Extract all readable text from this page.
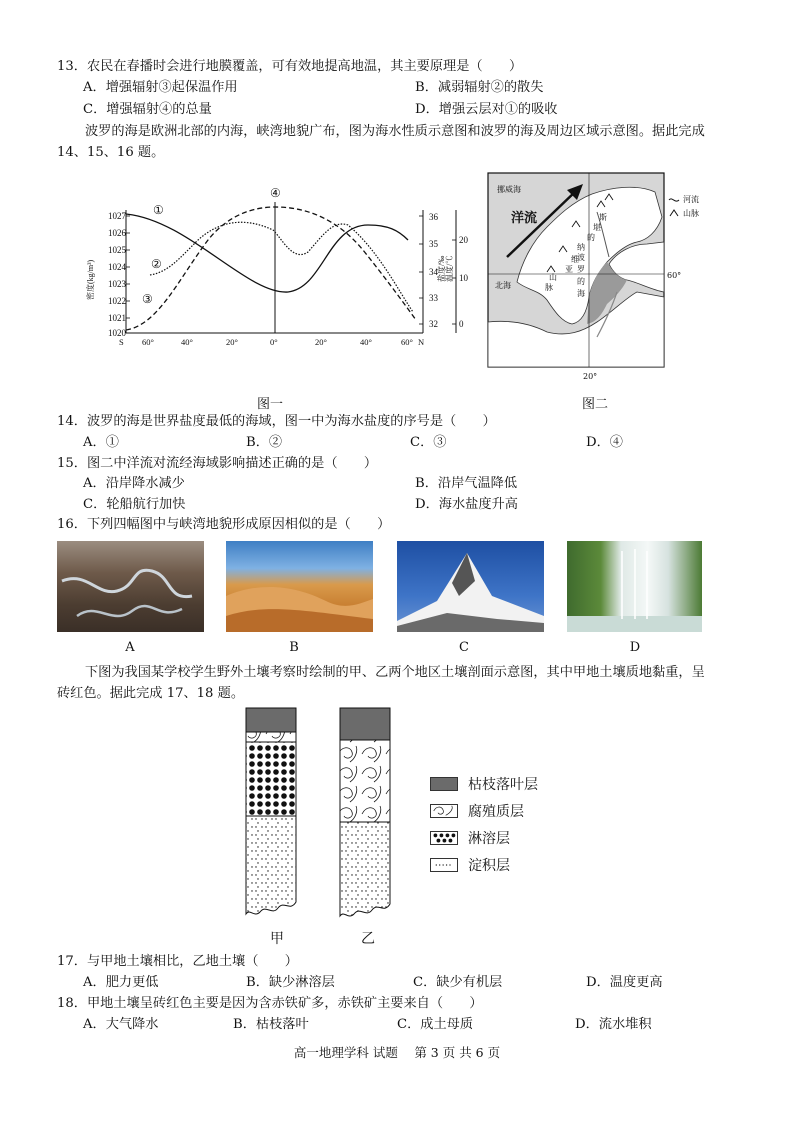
13．农民在春播时会进行地膜覆盖，可有效地提高地温，其主要原理是（　　）
A．增强辐射③起保温作用	B．减弱辐射②的散失
C．增强辐射④的总量	D．增强云层对①的吸收
波罗的海是欧洲北部的内海，峡湾地貌广布，图为海水性质示意图和波罗的海及周边区域示意图。据此完成
14、15、16 题。
密度(kg/m³)
1027
1026
1025
1024
1023
1022
1021
1020
①
②
③
④
36
35
34
33
32
20
10
0
盐度/‰ 温度/℃
S 60°	40°	20°	0°	20°	40°	60° N
图一
挪威海
洋流
北海
波
罗
的
海
斯
堪
的
纳
维
亚
山
脉
60°
20°
河流
山脉
图二
14．波罗的海是世界盐度最低的海域，图一中为海水盐度的序号是（　　）
A．①	B．②	C．③	D．④
15．图二中洋流对流经海域影响描述正确的是（　　）
A．沿岸降水减少	B．沿岸气温降低
C．轮船航行加快	D．海水盐度升高
16．下列四幅图中与峡湾地貌形成原因相似的是（　　）
A	B	C	D
下图为我国某学校学生野外土壤考察时绘制的甲、乙两个地区土壤剖面示意图，其中甲地土壤质地黏重，呈
砖红色。据此完成 17、18 题。
甲	乙
枯枝落叶层
腐殖质层
淋溶层
淀积层
17．与甲地土壤相比，乙地土壤（　　）
A．肥力更低	B．缺少淋溶层	C．缺少有机层	D．温度更高
18．甲地土壤呈砖红色主要是因为含赤铁矿多，赤铁矿主要来自（　　）
A．大气降水	B．枯枝落叶	C．成土母质	D．流水堆积
高一地理学科 试题　 第 3 页 共 6 页
